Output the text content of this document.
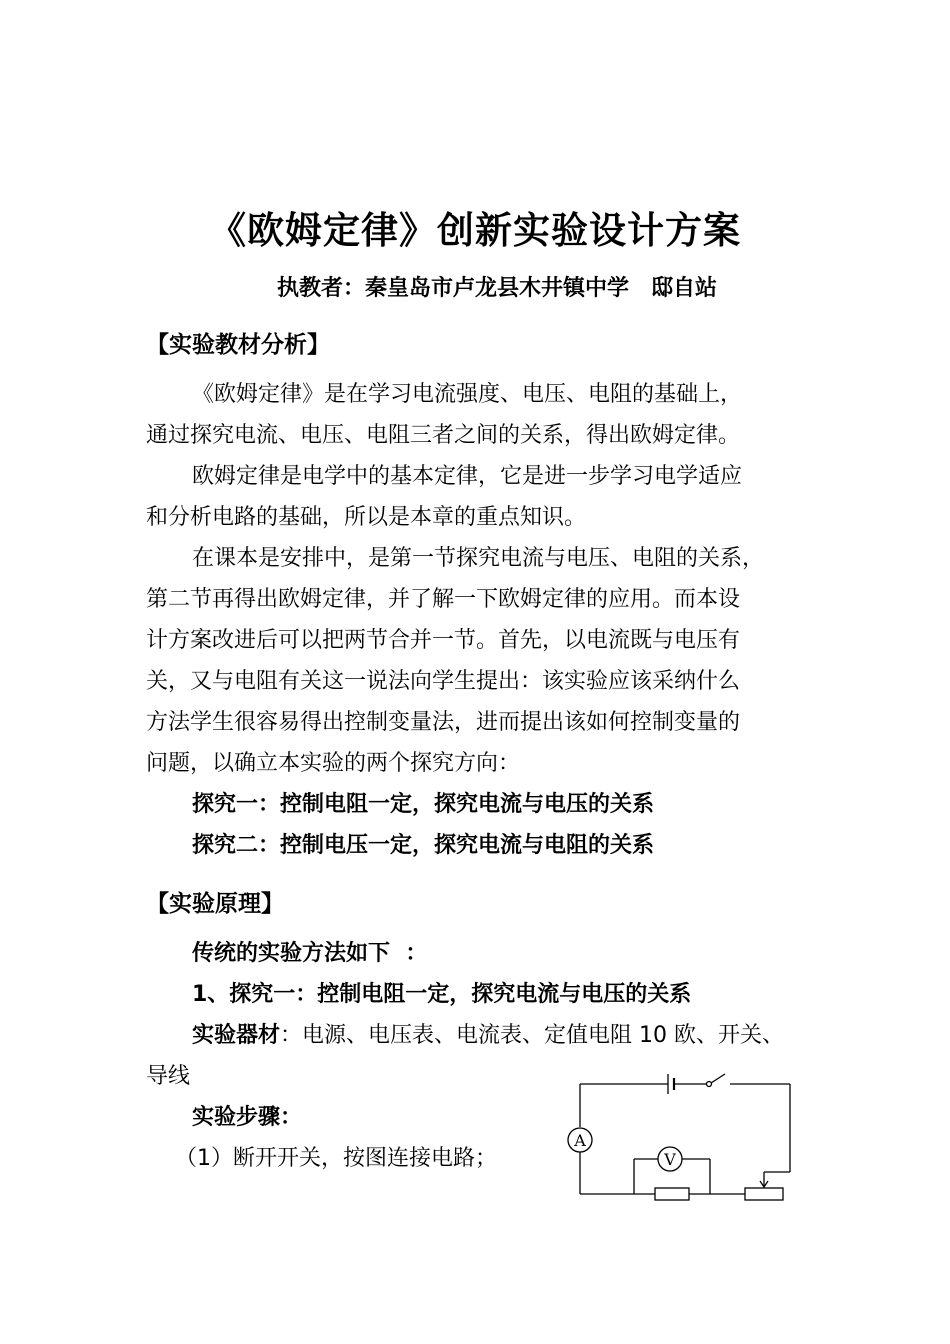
《欧姆定律》创新实验设计方案
执教者：秦皇岛市卢龙县木井镇中学　邸自站
【实验教材分析】
《欧姆定律》是在学习电流强度、电压、电阻的基础上，
通过探究电流、电压、电阻三者之间的关系，得出欧姆定律。
欧姆定律是电学中的基本定律，它是进一步学习电学适应
和分析电路的基础，所以是本章的重点知识。
在课本是安排中，是第一节探究电流与电压、电阻的关系，
第二节再得出欧姆定律，并了解一下欧姆定律的应用。而本设
计方案改进后可以把两节合并一节。首先，以电流既与电压有
关，又与电阻有关这一说法向学生提出：该实验应该采纳什么
方法学生很容易得出控制变量法，进而提出该如何控制变量的
问题，以确立本实验的两个探究方向：
探究一：控制电阻一定，探究电流与电压的关系
探究二：控制电压一定，探究电流与电阻的关系
【实验原理】
传统的实验方法如下  ：
1、探究一：控制电阻一定，探究电流与电压的关系
实验器材：电源、电压表、电流表、定值电阻 10 欧、开关、
导线
实验步骤：
（1）断开开关，按图连接电路；
A
V
